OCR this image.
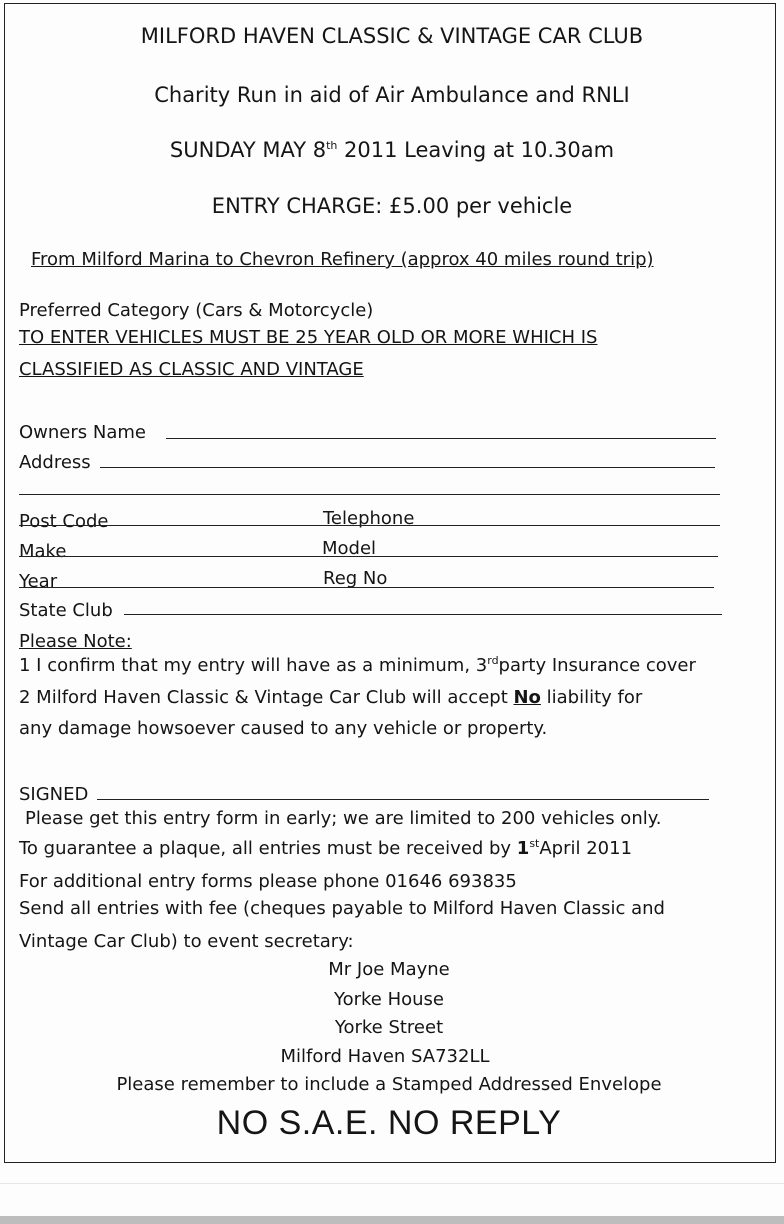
MILFORD HAVEN CLASSIC & VINTAGE CAR CLUB
Charity Run in aid of Air Ambulance and RNLI
SUNDAY MAY 8th 2011 Leaving at 10.30am
ENTRY CHARGE: £5.00 per vehicle
From Milford Marina to Chevron Refinery (approx 40 miles round trip)
Preferred Category (Cars & Motorcycle)
TO ENTER VEHICLES MUST BE 25 YEAR OLD OR MORE WHICH IS
CLASSIFIED AS CLASSIC AND VINTAGE
Owners Name
Address
Post Code	Telephone
Make	Model
Year	Reg No
State Club
Please Note:
1 I confirm that my entry will have as a minimum, 3rdparty Insurance cover
2 Milford Haven Classic & Vintage Car Club will accept No liability for
any damage howsoever caused to any vehicle or property.
SIGNED
Please get this entry form in early; we are limited to 200 vehicles only.
To guarantee a plaque, all entries must be received by 1stApril 2011
For additional entry forms please phone 01646 693835
Send all entries with fee (cheques payable to Milford Haven Classic and
Vintage Car Club) to event secretary:
Mr Joe Mayne
Yorke House
Yorke Street
Milford Haven SA732LL
Please remember to include a Stamped Addressed Envelope
NO S.A.E. NO REPLY
